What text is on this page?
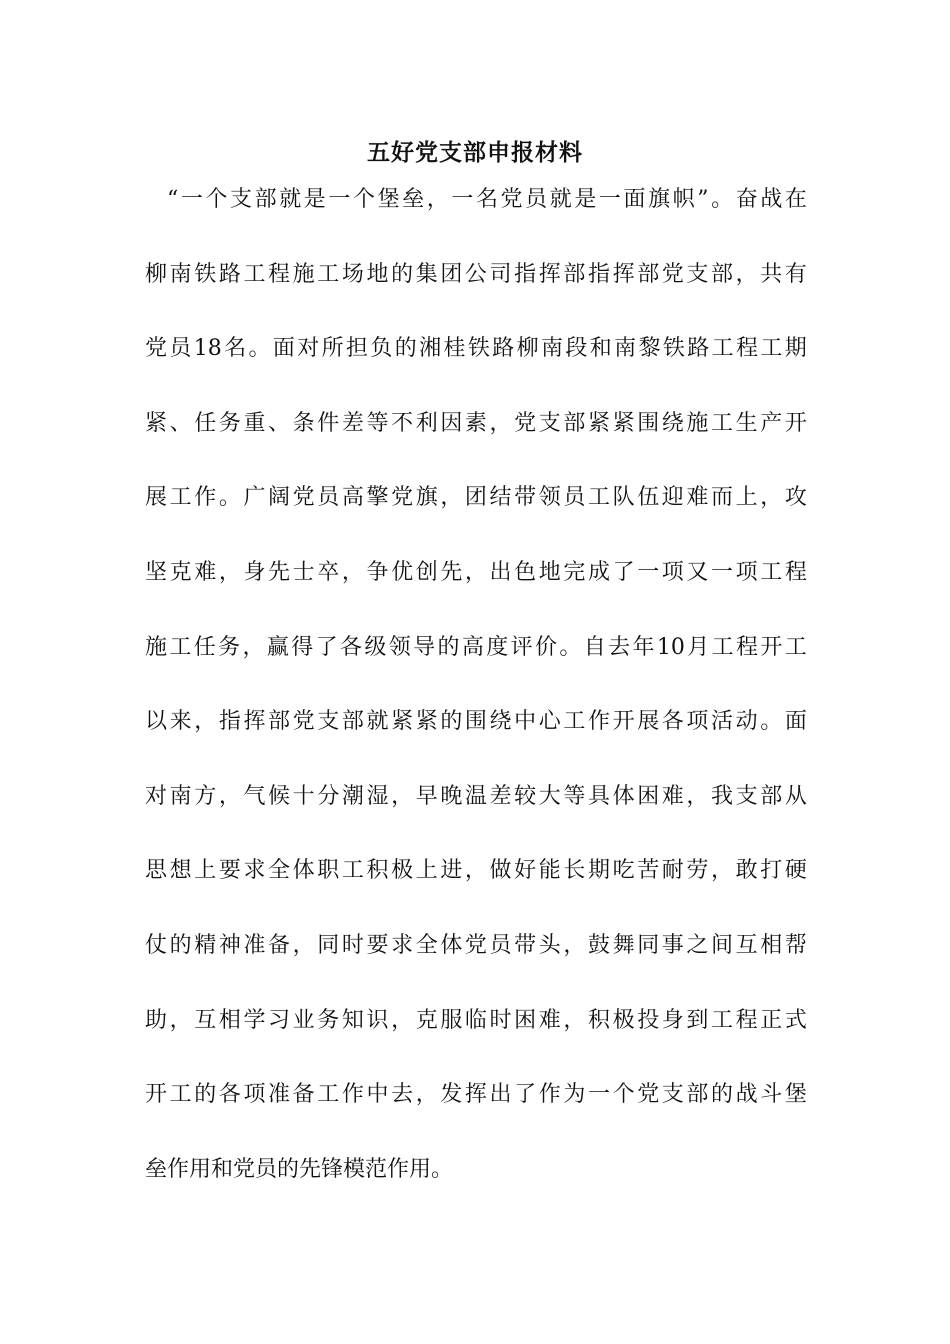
五好党支部申报材料
“ 一 个 支 部 就 是 一 个 堡 垒 ， 一 名 党 员 就 是 一 面 旗 帜 ” 。 奋 战 在
柳 南 铁 路 工 程 施 工 场 地 的 集 团 公 司 指 挥 部 指 挥 部 党 支 部 ， 共 有
党 员 18 名 。 面 对 所 担 负 的 湘 桂 铁 路 柳 南 段 和 南 黎 铁 路 工 程 工 期
紧 、 任 务 重 、 条 件 差 等 不 利 因 素 ， 党 支 部 紧 紧 围 绕 施 工 生 产 开
展 工 作 。 广 阔 党 员 高 擎 党 旗 ， 团 结 带 领 员 工 队 伍 迎 难 而 上 ， 攻
坚 克 难 ， 身 先 士 卒 ， 争 优 创 先 ， 出 色 地 完 成 了 一 项 又 一 项 工 程
施 工 任 务 ， 赢 得 了 各 级 领 导 的 高 度 评 价 。 自 去 年 10 月 工 程 开 工
以 来 ， 指 挥 部 党 支 部 就 紧 紧 的 围 绕 中 心 工 作 开 展 各 项 活 动 。 面
对 南 方 ， 气 候 十 分 潮 湿 ， 早 晚 温 差 较 大 等 具 体 困 难 ， 我 支 部 从
思 想 上 要 求 全 体 职 工 积 极 上 进 ， 做 好 能 长 期 吃 苦 耐 劳 ， 敢 打 硬
仗 的 精 神 准 备 ， 同 时 要 求 全 体 党 员 带 头 ， 鼓 舞 同 事 之 间 互 相 帮
助 ， 互 相 学 习 业 务 知 识 ， 克 服 临 时 困 难 ， 积 极 投 身 到 工 程 正 式
开 工 的 各 项 准 备 工 作 中 去 ， 发 挥 出 了 作 为 一 个 党 支 部 的 战 斗 堡
垒作用和党员的先锋模范作用。
